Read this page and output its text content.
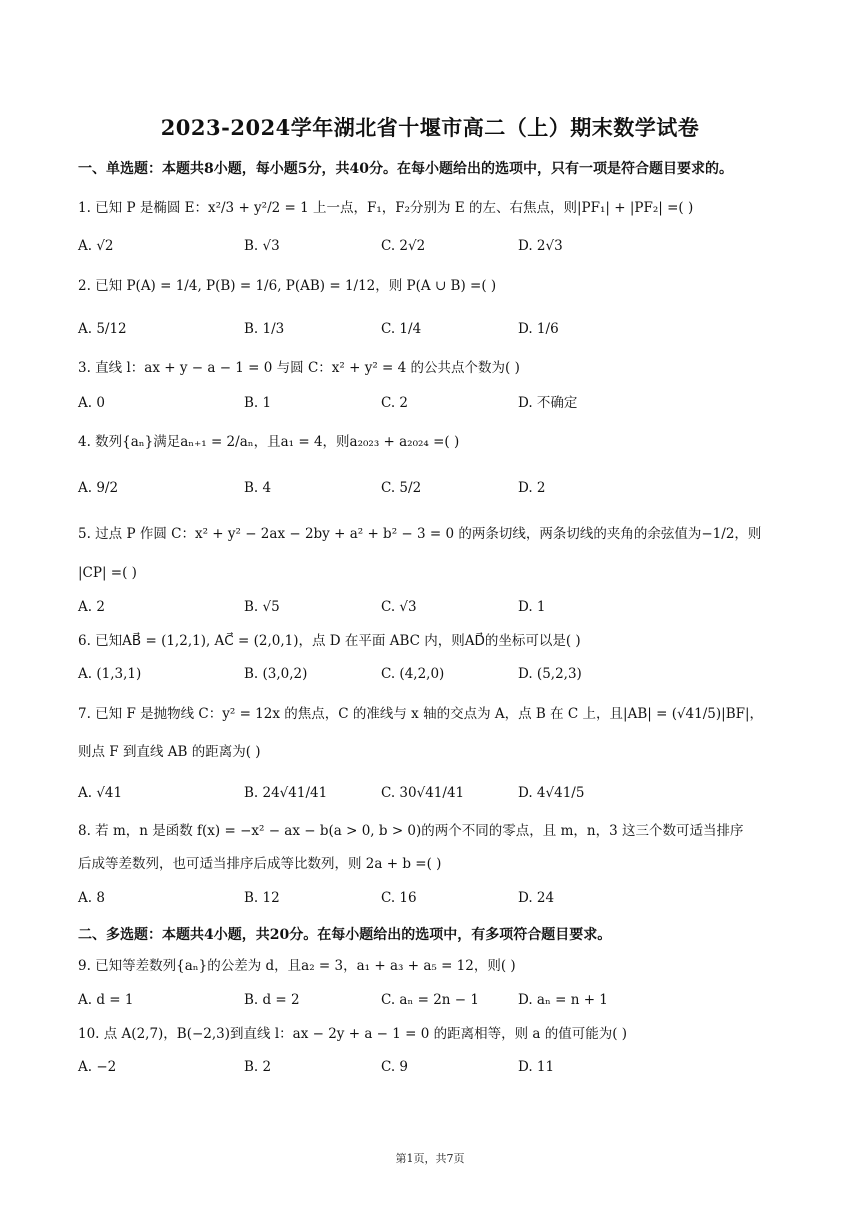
2023-2024学年湖北省十堰市高二（上）期末数学试卷
一、单选题：本题共8小题，每小题5分，共40分。在每小题给出的选项中，只有一项是符合题目要求的。
1. 已知 P 是椭圆 E：x²/3 + y²/2 = 1 上一点，F₁，F₂分别为 E 的左、右焦点，则|PF₁| + |PF₂| =( )
A. √2	B. √3	C. 2√2	D. 2√3
2. 已知 P(A) = 1/4, P(B) = 1/6, P(AB) = 1/12，则 P(A ∪ B) =( )
A. 5/12	B. 1/3	C. 1/4	D. 1/6
3. 直线 l：ax + y − a − 1 = 0 与圆 C：x² + y² = 4 的公共点个数为( )
A. 0	B. 1	C. 2	D. 不确定
4. 数列{aₙ}满足aₙ₊₁ = 2/aₙ，且a₁ = 4，则a₂₀₂₃ + a₂₀₂₄ =( )
A. 9/2	B. 4	C. 5/2	D. 2
5. 过点 P 作圆 C：x² + y² − 2ax − 2by + a² + b² − 3 = 0 的两条切线，两条切线的夹角的余弦值为−1/2，则
|CP| =( )
A. 2	B. √5	C. √3	D. 1
6. 已知AB⃗ = (1,2,1), AC⃗ = (2,0,1)，点 D 在平面 ABC 内，则AD⃗的坐标可以是( )
A. (1,3,1)	B. (3,0,2)	C. (4,2,0)	D. (5,2,3)
7. 已知 F 是抛物线 C：y² = 12x 的焦点，C 的准线与 x 轴的交点为 A，点 B 在 C 上，且|AB| = (√41/5)|BF|，
则点 F 到直线 AB 的距离为( )
A. √41	B. 24√41/41	C. 30√41/41	D. 4√41/5
8. 若 m，n 是函数 f(x) = −x² − ax − b(a > 0, b > 0)的两个不同的零点，且 m，n，3 这三个数可适当排序
后成等差数列，也可适当排序后成等比数列，则 2a + b =( )
A. 8	B. 12	C. 16	D. 24
二、多选题：本题共4小题，共20分。在每小题给出的选项中，有多项符合题目要求。
9. 已知等差数列{aₙ}的公差为 d，且a₂ = 3，a₁ + a₃ + a₅ = 12，则( )
A. d = 1	B. d = 2	C. aₙ = 2n − 1	D. aₙ = n + 1
10. 点 A(2,7)，B(−2,3)到直线 l：ax − 2y + a − 1 = 0 的距离相等，则 a 的值可能为( )
A. −2	B. 2	C. 9	D. 11
第1页，共7页
